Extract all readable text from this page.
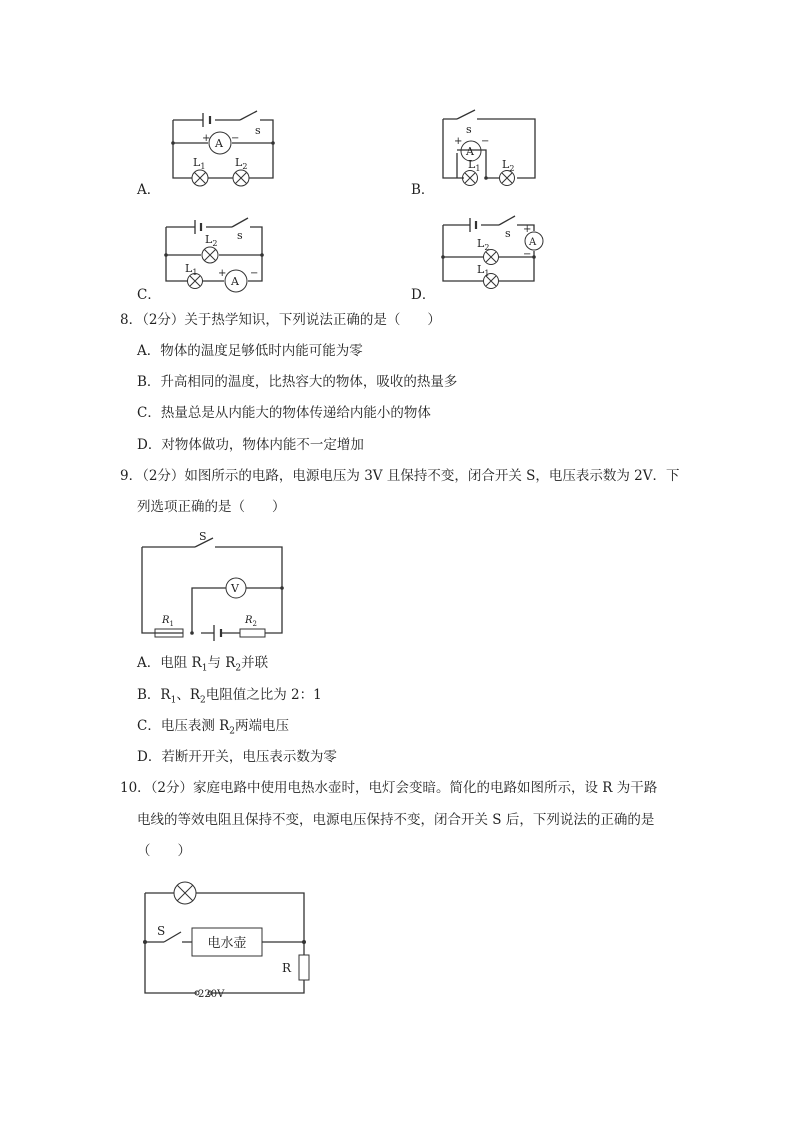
A．
s
A
+ −
$L_1$	$L_2$
B．
s
A
+ −
$L_1$ $L_2$
C．
s
$L_2$
$L_1$
A
+ −
D．
s
A
+
−
$L_2$
$L_1$
8．（2分）关于热学知识，下列说法正确的是（　　）
A．物体的温度足够低时内能可能为零
B．升高相同的温度，比热容大的物体，吸收的热量多
C．热量总是从内能大的物体传递给内能小的物体
D．对物体做功，物体内能不一定增加
9．（2分）如图所示的电路，电源电压为 3V 且保持不变，闭合开关 S，电压表示数为 2V．下
列选项正确的是（　　）
S
V
$R_1$	$R_2$
A．电阻 $R_1$与 $R_2$并联
B．$R_1$、$R_2$电阻值之比为 2：1
C．电压表测 $R_2$两端电压
D．若断开开关，电压表示数为零
10．（2分）家庭电路中使用电热水壶时，电灯会变暗。简化的电路如图所示，设 R 为干路
电线的等效电阻且保持不变，电源电压保持不变，闭合开关 S 后，下列说法的正确的是
（　　）
S
电水壶
R
220V
